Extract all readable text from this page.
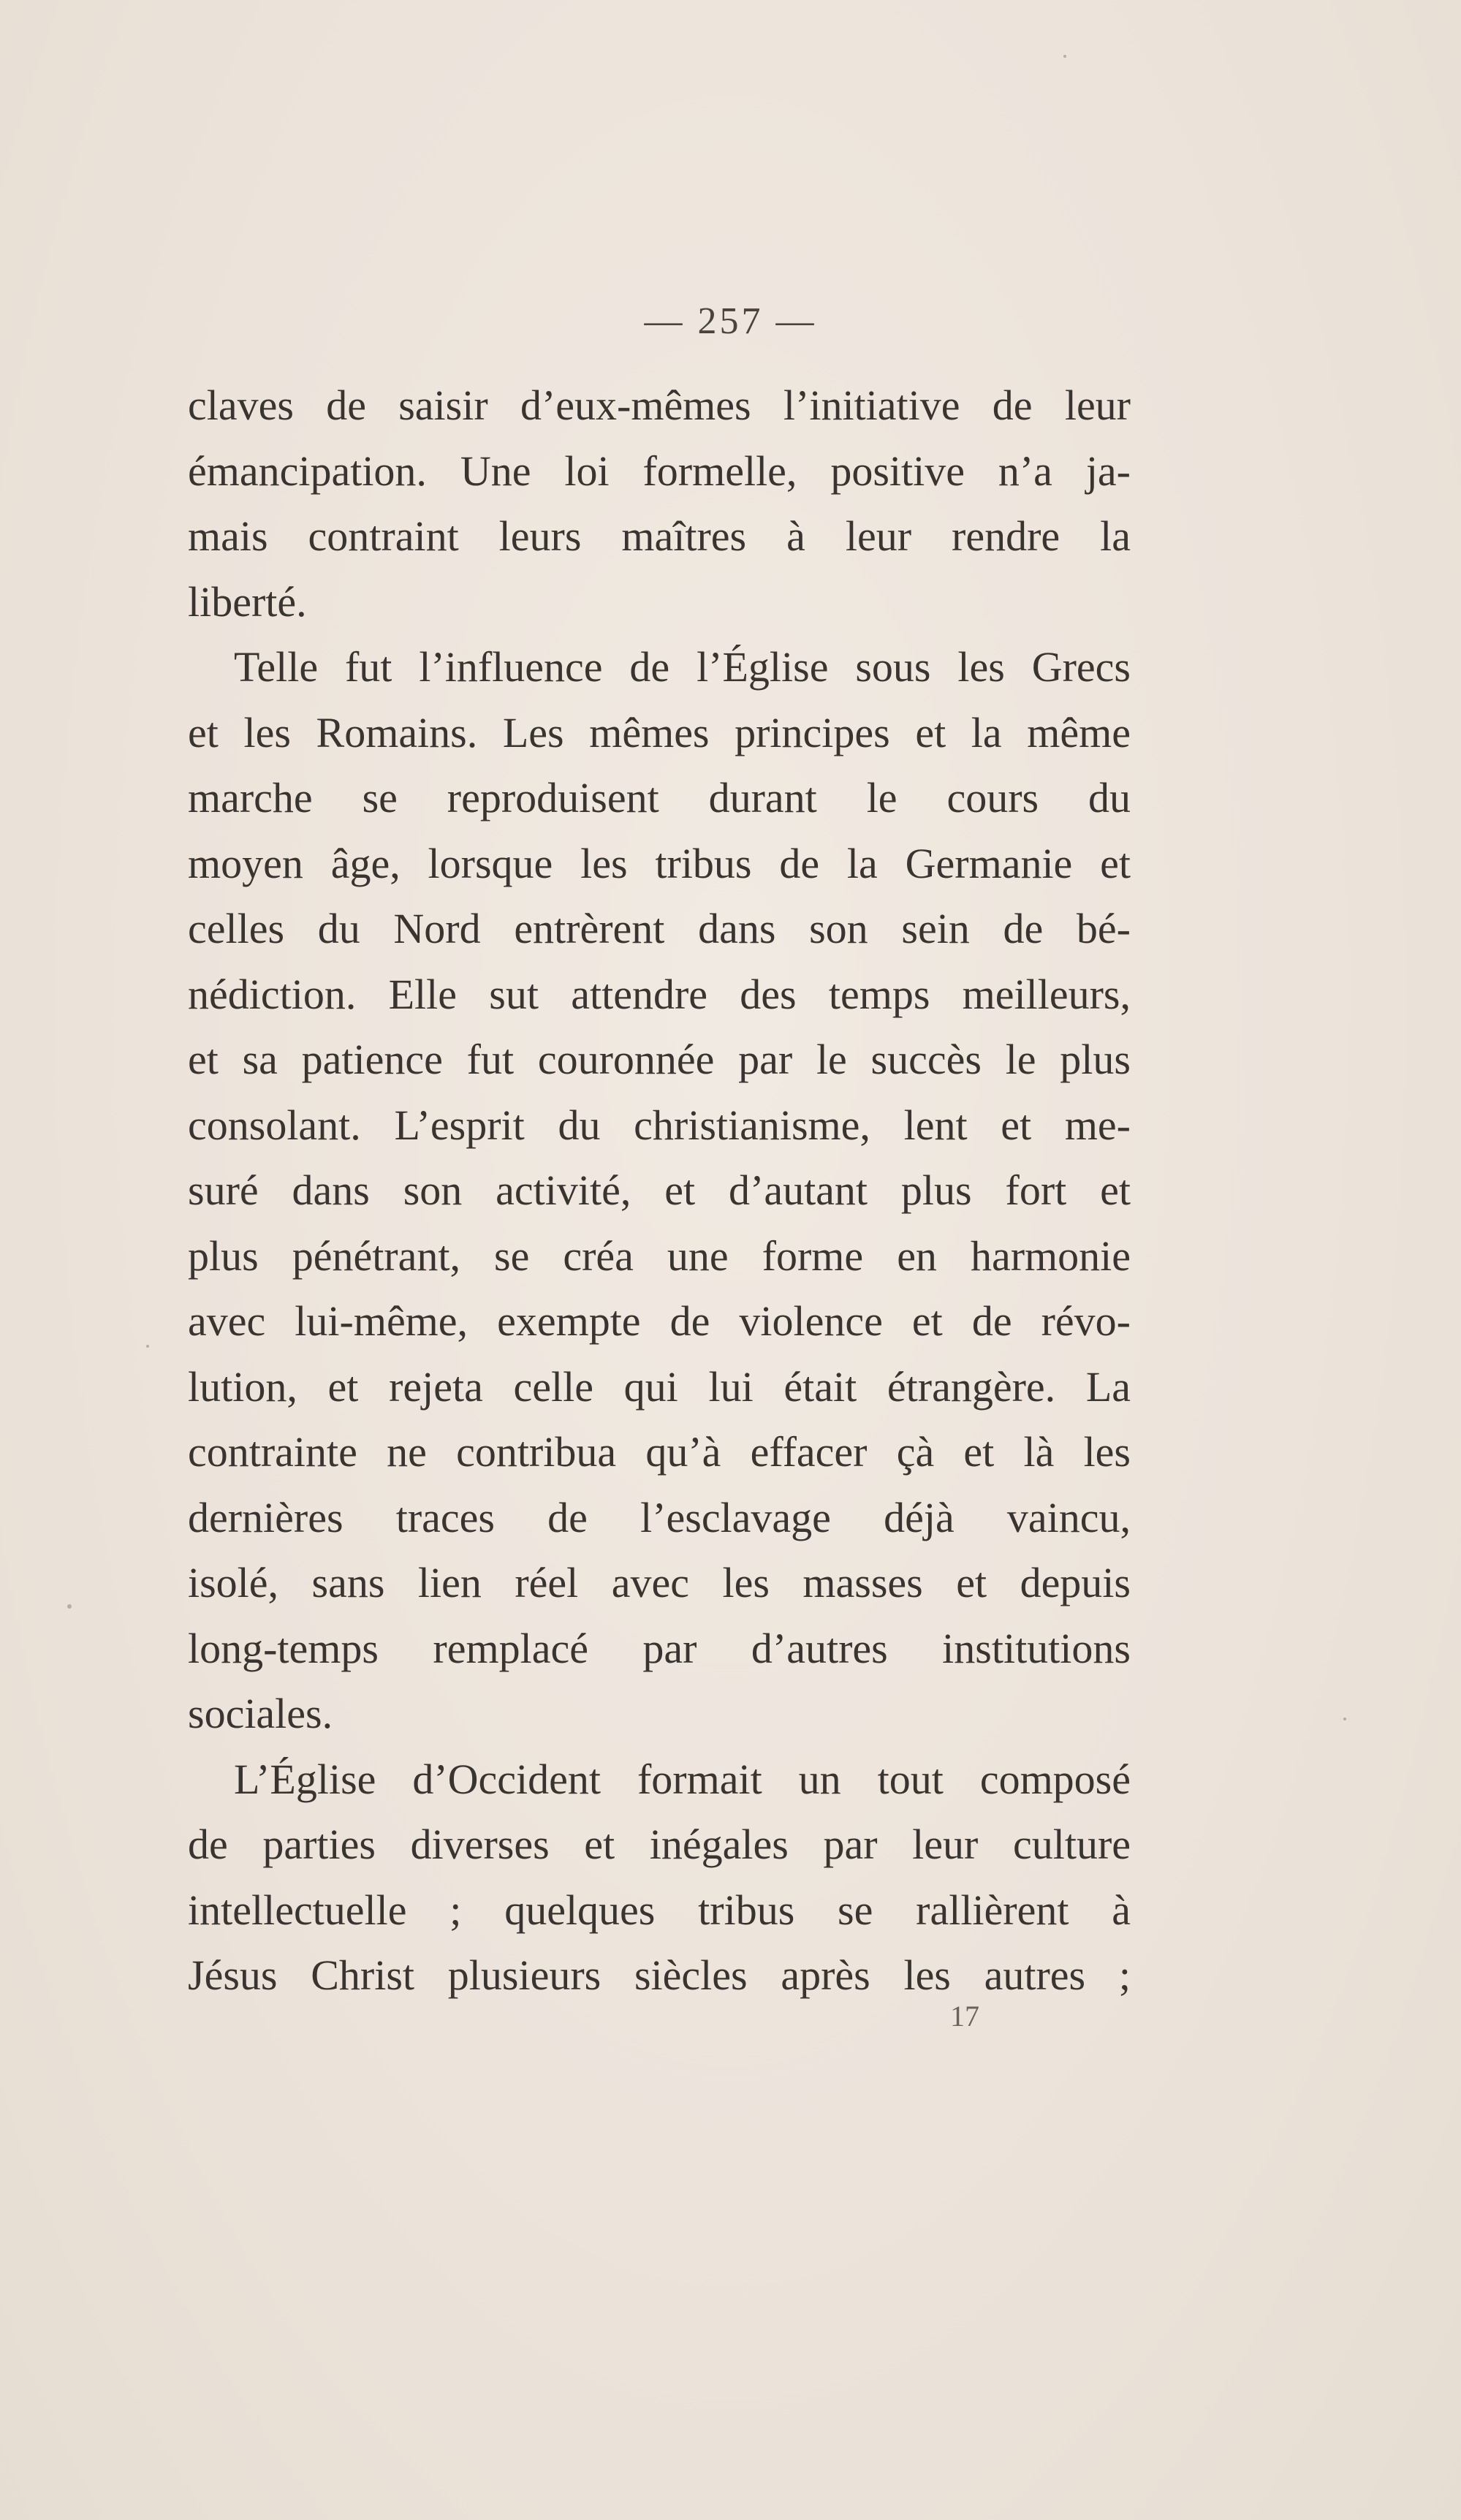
— 257 —
claves de saisir d’eux-mêmes l’initiative de leur
émancipation. Une loi formelle, positive n’a ja-
mais contraint leurs maîtres à leur rendre la
liberté.
Telle fut l’influence de l’Église sous les Grecs
et les Romains. Les mêmes principes et la même
marche se reproduisent durant le cours du
moyen âge, lorsque les tribus de la Germanie et
celles du Nord entrèrent dans son sein de bé-
nédiction. Elle sut attendre des temps meilleurs,
et sa patience fut couronnée par le succès le plus
consolant. L’esprit du christianisme, lent et me-
suré dans son activité, et d’autant plus fort et
plus pénétrant, se créa une forme en harmonie
avec lui-même, exempte de violence et de révo-
lution, et rejeta celle qui lui était étrangère. La
contrainte ne contribua qu’à effacer çà et là les
dernières traces de l’esclavage déjà vaincu,
isolé, sans lien réel avec les masses et depuis
long-temps remplacé par d’autres institutions
sociales.
L’Église d’Occident formait un tout composé
de parties diverses et inégales par leur culture
intellectuelle ; quelques tribus se rallièrent à
Jésus Christ plusieurs siècles après les autres ;
17
